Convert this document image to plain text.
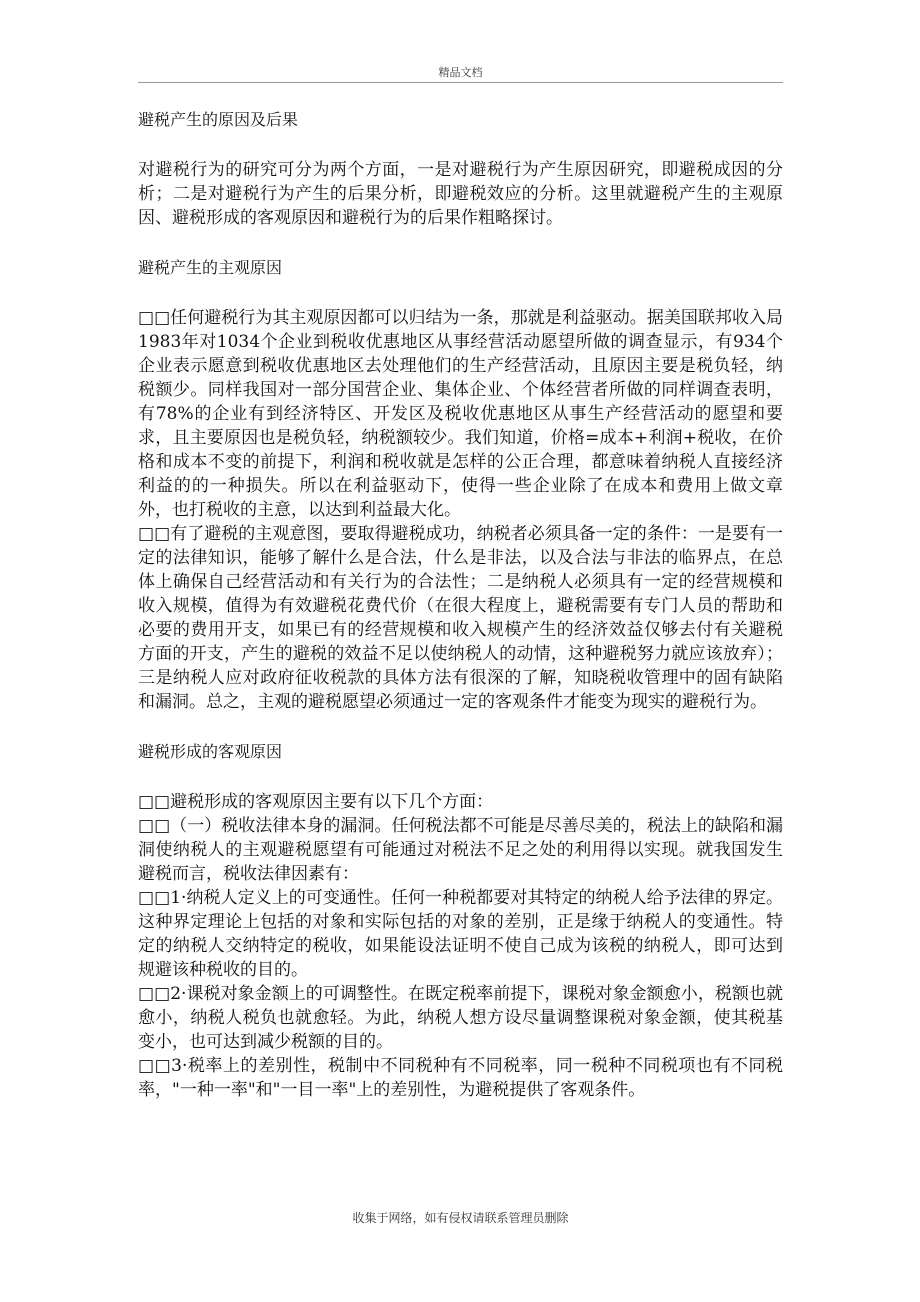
精品文档

避税产生的原因及后果

对避税行为的研究可分为两个方面，一是对避税行为产生原因研究，即避税成因的分析；二是对避税行为产生的后果分析，即避税效应的分析。这里就避税产生的主观原因、避税形成的客观原因和避税行为的后果作粗略探讨。

避税产生的主观原因

□□任何避税行为其主观原因都可以归结为一条，那就是利益驱动。据美国联邦收入局1983年对1034个企业到税收优惠地区从事经营活动愿望所做的调查显示，有934个企业表示愿意到税收优惠地区去处理他们的生产经营活动，且原因主要是税负轻，纳税额少。同样我国对一部分国营企业、集体企业、个体经营者所做的同样调查表明，有78%的企业有到经济特区、开发区及税收优惠地区从事生产经营活动的愿望和要求，且主要原因也是税负轻，纳税额较少。我们知道，价格=成本+利润+税收，在价格和成本不变的前提下，利润和税收就是怎样的公正合理，都意味着纳税人直接经济利益的的一种损失。所以在利益驱动下，使得一些企业除了在成本和费用上做文章外，也打税收的主意，以达到利益最大化。

□□有了避税的主观意图，要取得避税成功，纳税者必须具备一定的条件：一是要有一定的法律知识，能够了解什么是合法，什么是非法，以及合法与非法的临界点，在总体上确保自己经营活动和有关行为的合法性；二是纳税人必须具有一定的经营规模和收入规模，值得为有效避税花费代价（在很大程度上，避税需要有专门人员的帮助和必要的费用开支，如果已有的经营规模和收入规模产生的经济效益仅够去付有关避税方面的开支，产生的避税的效益不足以使纳税人的动情，这种避税努力就应该放弃）；三是纳税人应对政府征收税款的具体方法有很深的了解，知晓税收管理中的固有缺陷和漏洞。总之，主观的避税愿望必须通过一定的客观条件才能变为现实的避税行为。

避税形成的客观原因

□□避税形成的客观原因主要有以下几个方面：

□□（一）税收法律本身的漏洞。任何税法都不可能是尽善尽美的，税法上的缺陷和漏洞使纳税人的主观避税愿望有可能通过对税法不足之处的利用得以实现。就我国发生避税而言，税收法律因素有：

□□1·纳税人定义上的可变通性。任何一种税都要对其特定的纳税人给予法律的界定。这种界定理论上包括的对象和实际包括的对象的差别，正是缘于纳税人的变通性。特定的纳税人交纳特定的税收，如果能设法证明不使自己成为该税的纳税人，即可达到规避该种税收的目的。

□□2·课税对象金额上的可调整性。在既定税率前提下，课税对象金额愈小，税额也就愈小，纳税人税负也就愈轻。为此，纳税人想方设尽量调整课税对象金额，使其税基变小，也可达到减少税额的目的。

□□3·税率上的差别性，税制中不同税种有不同税率，同一税种不同税项也有不同税率，"一种一率"和"一目一率"上的差别性，为避税提供了客观条件。

收集于网络，如有侵权请联系管理员删除
